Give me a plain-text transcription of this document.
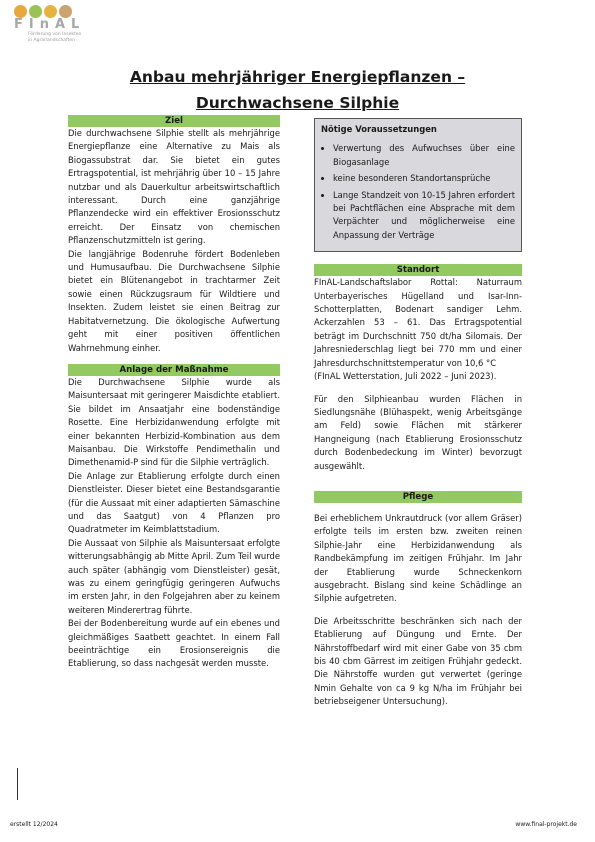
FInAL
Förderung von Insekten
in Agrarlandschaften
Anbau mehrjähriger Energiepflanzen –
Durchwachsene Silphie
Ziel

Die durchwachsene Silphie stellt als mehrjährige Energiepflanze eine Alternative zu Mais als Biogassubstrat dar. Sie bietet ein gutes Ertragspotential, ist mehrjährig über 10 – 15 Jahre nutzbar und als Dauerkultur arbeitswirtschaftlich interessant. Durch eine ganzjährige Pflanzendecke wird ein effektiver Erosionsschutz erreicht. Der Einsatz von chemischen Pflanzenschutzmitteln ist gering.

Die langjährige Bodenruhe fördert Bodenleben und Humusaufbau. Die Durchwachsene Silphie bietet ein Blütenangebot in trachtarmer Zeit sowie einen Rückzugsraum für Wildtiere und Insekten. Zudem leistet sie einen Beitrag zur Habitatvernetzung. Die ökologische Aufwertung geht mit einer positiven öffentlichen Wahrnehmung einher.

Anlage der Maßnahme

Die Durchwachsene Silphie wurde als Maisuntersaat mit geringerer Maisdichte etabliert. Sie bildet im Ansaatjahr eine bodenständige Rosette. Eine Herbizidanwendung erfolgte mit einer bekannten Herbizid-Kombination aus dem Maisanbau. Die Wirkstoffe Pendimethalin und Dimethenamid-P sind für die Silphie verträglich.

Die Anlage zur Etablierung erfolgte durch einen Dienstleister. Dieser bietet eine Bestandsgarantie (für die Aussaat mit einer adaptierten Sämaschine und das Saatgut) von 4 Pflanzen pro Quadratmeter im Keimblattstadium.

Die Aussaat von Silphie als Maisuntersaat erfolgte witterungsabhängig ab Mitte April. Zum Teil wurde auch später (abhängig vom Dienstleister) gesät, was zu einem geringfügig geringeren Aufwuchs im ersten Jahr, in den Folgejahren aber zu keinem weiteren Minderertrag führte.

Bei der Bodenbereitung wurde auf ein ebenes und gleichmäßiges Saatbett geachtet. In einem Fall beeinträchtige ein Erosionsereignis die Etablierung, so dass nachgesät werden musste.

Nötige Voraussetzungen
• Verwertung des Aufwuchses über eine Biogasanlage
• keine besonderen Standortansprüche
• Lange Standzeit von 10-15 Jahren erfordert bei Pachtflächen eine Absprache mit dem Verpächter und möglicherweise eine Anpassung der Verträge
Standort

FInAL-Landschaftslabor Rottal: Naturraum Unterbayerisches Hügelland und Isar-Inn-Schotterplatten, Bodenart sandiger Lehm. Ackerzahlen 53 – 61. Das Ertragspotential beträgt im Durchschnitt 750 dt/ha Silomais. Der Jahresniederschlag liegt bei 770 mm und einer Jahresdurchschnittstemperatur von 10,6 °C

(FInAL Wetterstation, Juli 2022 – Juni 2023).

Für den Silphieanbau wurden Flächen in Siedlungsnähe (Blühaspekt, wenig Arbeitsgänge am Feld) sowie Flächen mit stärkerer Hangneigung (nach Etablierung Erosionsschutz durch Bodenbedeckung im Winter) bevorzugt ausgewählt.

Pflege

Bei erheblichem Unkrautdruck (vor allem Gräser) erfolgte teils im ersten bzw. zweiten reinen Silphie-Jahr eine Herbizidanwendung als Randbekämpfung im zeitigen Frühjahr. Im Jahr der Etablierung wurde Schneckenkorn ausgebracht. Bislang sind keine Schädlinge an Silphie aufgetreten.

Die Arbeitsschritte beschränken sich nach der Etablierung auf Düngung und Ernte. Der Nährstoffbedarf wird mit einer Gabe von 35 cbm bis 40 cbm Gärrest im zeitigen Frühjahr gedeckt. Die Nährstoffe wurden gut verwertet (geringe Nmin Gehalte von ca 9 kg N/ha im Frühjahr bei betriebseigener Untersuchung).

erstellt 12/2024	www.final-projekt.de
